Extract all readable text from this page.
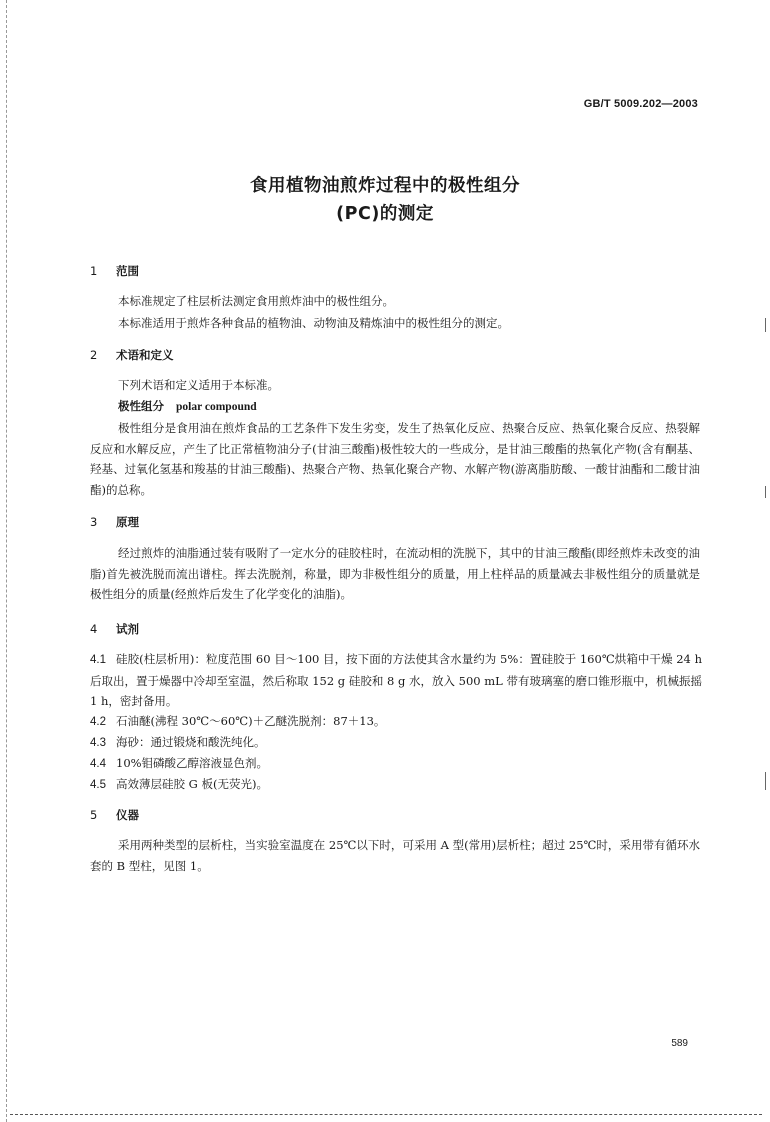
GB/T 5009.202—2003
食用植物油煎炸过程中的极性组分
(PC)的测定
1 范围
本标准规定了柱层析法测定食用煎炸油中的极性组分。
本标准适用于煎炸各种食品的植物油、动物油及精炼油中的极性组分的测定。
2 术语和定义
下列术语和定义适用于本标准。
极性组分 polar compound
极性组分是食用油在煎炸食品的工艺条件下发生劣变，发生了热氧化反应、热聚合反应、热氧化聚合反应、热裂解反应和水解反应，产生了比正常植物油分子(甘油三酸酯)极性较大的一些成分，是甘油三酸酯的热氧化产物(含有酮基、羟基、过氧化氢基和羧基的甘油三酸酯)、热聚合产物、热氧化聚合产物、水解产物(游离脂肪酸、一酸甘油酯和二酸甘油酯)的总称。
3 原理
经过煎炸的油脂通过装有吸附了一定水分的硅胶柱时，在流动相的洗脱下，其中的甘油三酸酯(即经煎炸未改变的油脂)首先被洗脱而流出谱柱。挥去洗脱剂，称量，即为非极性组分的质量，用上柱样品的质量减去非极性组分的质量就是极性组分的质量(经煎炸后发生了化学变化的油脂)。
4 试剂
4.1 硅胶(柱层析用)：粒度范围 60 目～100 目，按下面的方法使其含水量约为 5%：置硅胶于 160℃烘箱中干燥 24 h 后取出，置于燥器中冷却至室温，然后称取 152 g 硅胶和 8 g 水，放入 500 mL 带有玻璃塞的磨口锥形瓶中，机械振摇 1 h，密封备用。
4.2 石油醚(沸程 30℃～60℃)＋乙醚洗脱剂：87＋13。
4.3 海砂：通过锻烧和酸洗纯化。
4.4 10%钼磷酸乙醇溶液显色剂。
4.5 高效薄层硅胶 G 板(无荧光)。
5 仪器
采用两种类型的层析柱，当实验室温度在 25℃以下时，可采用 A 型(常用)层析柱；超过 25℃时，采用带有循环水套的 B 型柱，见图 1。
589
